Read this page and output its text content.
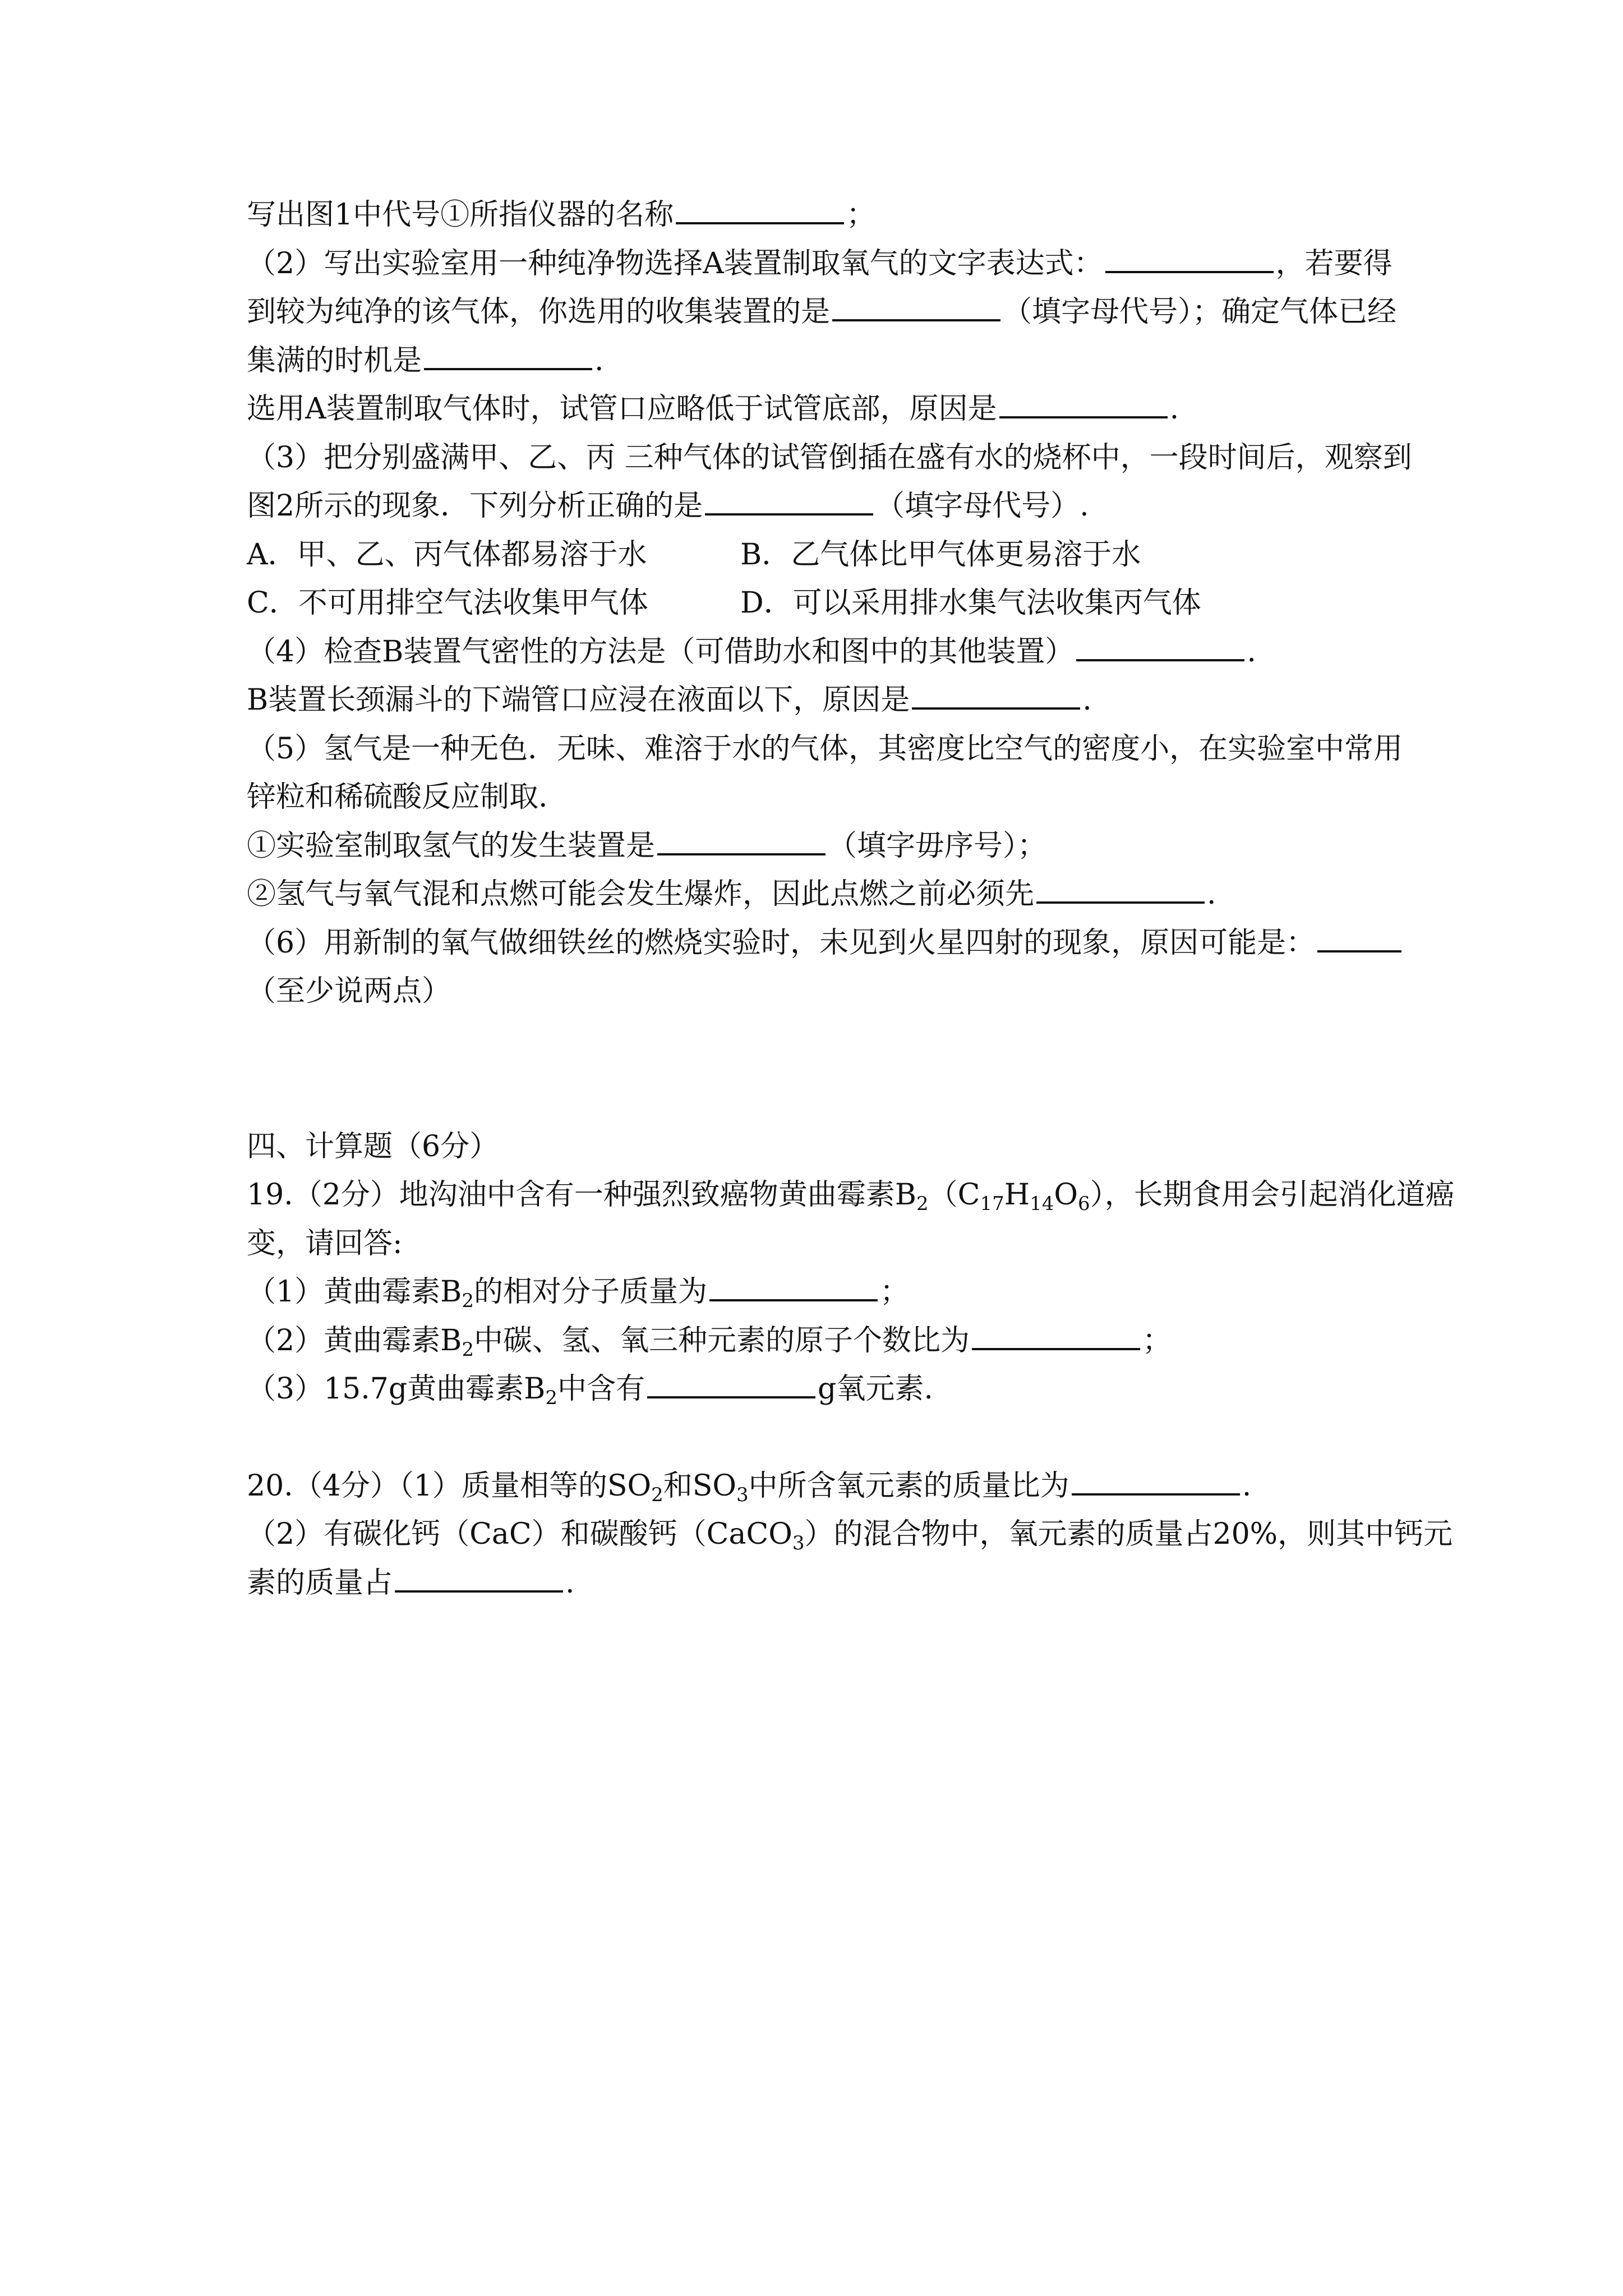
写出图1中代号①所指仪器的名称	；
（2）写出实验室用一种纯净物选择A装置制取氧气的文字表达式：	，若要得
到较为纯净的该气体，你选用的收集装置的是	（填字母代号）；确定气体已经
集满的时机是	.
选用A装置制取气体时，试管口应略低于试管底部，原因是	.
（3）把分别盛满甲、乙、丙 三种气体的试管倒插在盛有水的烧杯中，一段时间后，观察到
图2所示的现象．下列分析正确的是	（填字母代号）.
A．甲、乙、丙气体都易溶于水	B．乙气体比甲气体更易溶于水
C．不可用排空气法收集甲气体	D．可以采用排水集气法收集丙气体
（4）检查B装置气密性的方法是（可借助水和图中的其他装置）	.
B装置长颈漏斗的下端管口应浸在液面以下，原因是	.
（5）氢气是一种无色．无味、难溶于水的气体，其密度比空气的密度小，在实验室中常用
锌粒和稀硫酸反应制取.
①实验室制取氢气的发生装置是	（填字毋序号）；
②氢气与氧气混和点燃可能会发生爆炸，因此点燃之前必须先	.
（6）用新制的氧气做细铁丝的燃烧实验时，未见到火星四射的现象，原因可能是：
（至少说两点）
四、计算题（6分）
19.（2分）地沟油中含有一种强烈致癌物黄曲霉素$B_2(C_{17}H_{14}O_6)$，长期食用会引起消化道癌
变，请回答:
（1）黄曲霉素$B_2$的相对分子质量为	；
（2）黄曲霉素$B_2$中碳、氢、氧三种元素的原子个数比为	；
（3）15.7g黄曲霉素$B_2$中含有	g氧元素.
20.（4分）（1）质量相等的$SO_2$和$SO_3$中所含氧元素的质量比为	.
（2）有碳化钙（CaC）和碳酸钙（CaCO$_3$）的混合物中，氧元素的质量占20%，则其中钙元
素的质量占	.
